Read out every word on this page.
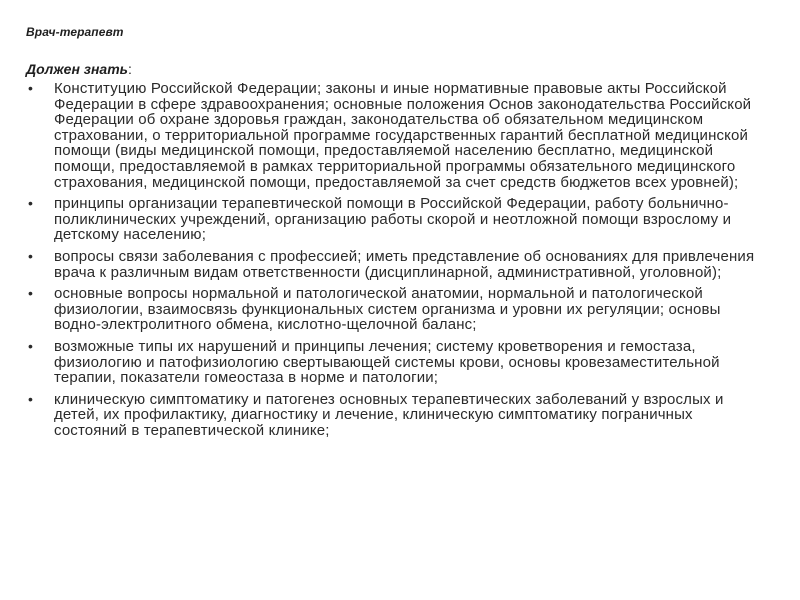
Врач-терапевт
Должен знать:
• Конституцию Российской Федерации; законы и иные нормативные правовые акты Российской Федерации в сфере здравоохранения; основные положения Основ законодательства Российской Федерации об охране здоровья граждан, законодательства об обязательном медицинском страховании, о территориальной программе государственных гарантий бесплатной медицинской помощи (виды медицинской помощи, предоставляемой населению бесплатно, медицинской помощи, предоставляемой в рамках территориальной программы обязательного медицинского страхования, медицинской помощи, предоставляемой за счет средств бюджетов всех уровней);
• принципы организации терапевтической помощи в Российской Федерации, работу больнично-поликлинических учреждений, организацию работы скорой и неотложной помощи взрослому и детскому населению;
• вопросы связи заболевания с профессией; иметь представление об основаниях для привлечения врача к различным видам ответственности (дисциплинарной, административной, уголовной);
• основные вопросы нормальной и патологической анатомии, нормальной и патологической физиологии, взаимосвязь функциональных систем организма и уровни их регуляции; основы водно-электролитного обмена, кислотно-щелочной баланс;
• возможные типы их нарушений и принципы лечения; систему кроветворения и гемостаза, физиологию и патофизиологию свертывающей системы крови, основы кровезаместительной терапии, показатели гомеостаза в норме и патологии;
• клиническую симптоматику и патогенез основных терапевтических заболеваний у взрослых и детей, их профилактику, диагностику и лечение, клиническую симптоматику пограничных состояний в терапевтической клинике;
